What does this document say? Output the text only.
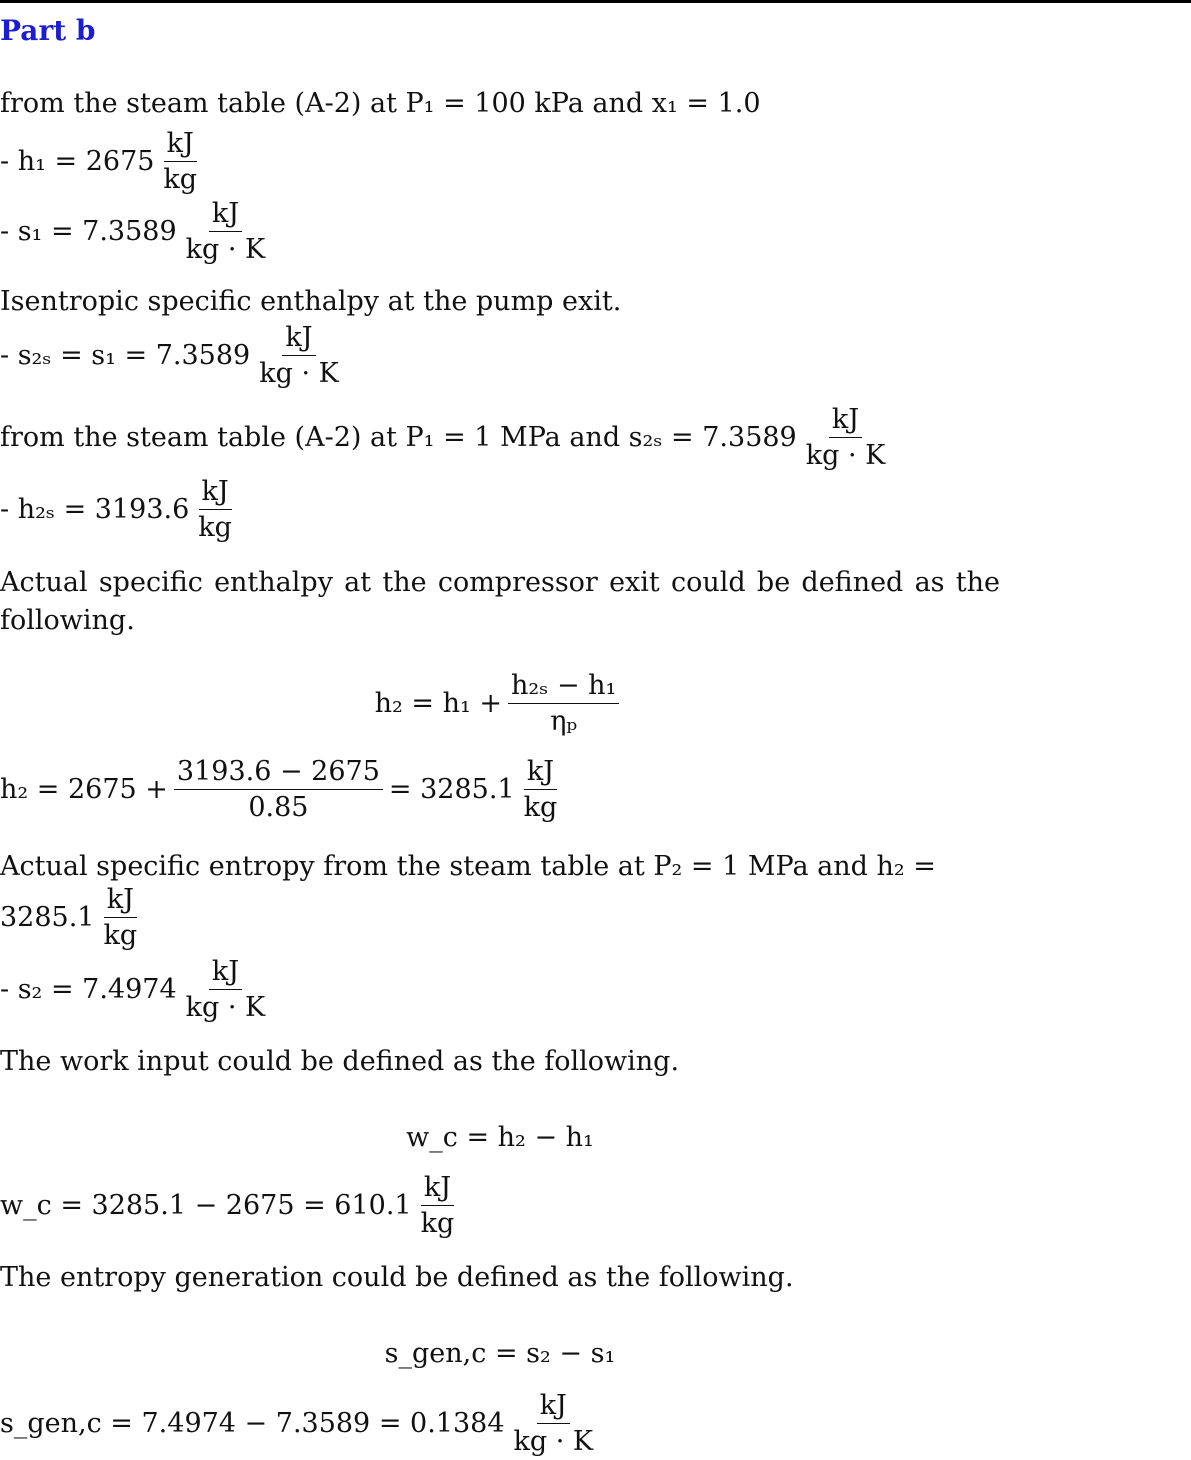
Part b
from the steam table (A-2) at P₁ = 100 kPa and x₁ = 1.0
- $h_1 = 2675 \frac{kJ}{kg}$
- $s_1 = 7.3589 \frac{kJ}{kg \cdot K}$
Isentropic specific enthalpy at the pump exit.
- $s_{2s} = s_1 = 7.3589 \frac{kJ}{kg \cdot K}$
from the steam table (A-2) at P₁ = 1 MPa and $s_{2s} = 7.3589 \frac{kJ}{kg \cdot K}$
- $h_{2s} = 3193.6 \frac{kJ}{kg}$
Actual specific enthalpy at the compressor exit could be defined as the following.
$h_2 = h_1 + \frac{\text{h₂ₛ − h₁}}{\text{ηₚ}}$
$h_2 = 2675 + \frac{3193.6 - 2675}{0.85} = 3285.1 \frac{kJ}{kg}$
Actual specific entropy from the steam table at P₂ = 1 MPa and h₂ =
$3285.1 \frac{kJ}{kg}$
- $s_2 = 7.4974 \frac{kJ}{kg \cdot K}$
The work input could be defined as the following.
w_c = h₂ − h₁
w_c = $3285.1 - 2675 = 610.1 \frac{kJ}{kg}$
The entropy generation could be defined as the following.
s_gen,c = s₂ − s₁
s_gen,c = $7.4974 - 7.3589 = 0.1384 \frac{kJ}{kg \cdot K}$
